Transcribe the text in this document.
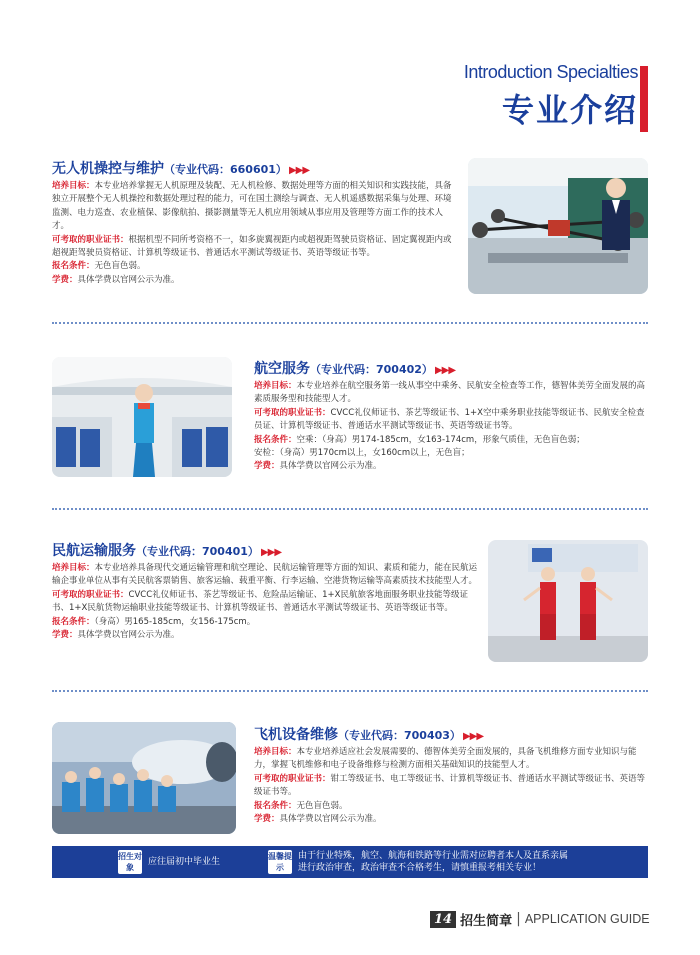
Introduction Specialties
专业介绍
无人机操控与维护（专业代码：660601） ▶▶▶
培养目标：本专业培养掌握无人机原理及装配、无人机检修、数据处理等方面的相关知识和实践技能，具备独立开展整个无人机操控和数据处理过程的能力，可在国土测绘与调查、无人机遥感数据采集与处理、环境监测、电力巡查、农业植保、影像航拍、摄影测量等无人机应用领域从事应用及管理等方面工作的技术人才。
可考取的职业证书：根据机型不同所考资格不一，如多旋翼视距内或超视距驾驶员资格证、固定翼视距内或超视距驾驶员资格证、计算机等级证书、普通话水平测试等级证书、英语等级证书等。
报名条件：无色盲色弱。
学费：具体学费以官网公示为准。
航空服务（专业代码：700402） ▶▶▶
培养目标：本专业培养在航空服务第一线从事空中乘务、民航安全检查等工作，德智体美劳全面发展的高素质服务型和技能型人才。
可考取的职业证书：CVCC礼仪师证书、茶艺等级证书、1+X空中乘务职业技能等级证书、民航安全检查员证、计算机等级证书、普通话水平测试等级证书、英语等级证书等。
报名条件：空乘：（身高）男174-185cm，女163-174cm，形象气质佳，无色盲色弱；
安检：（身高）男170cm以上，女160cm以上，无色盲；
学费：具体学费以官网公示为准。
民航运输服务（专业代码：700401） ▶▶▶
培养目标：本专业培养具备现代交通运输管理和航空理论、民航运输管理等方面的知识、素质和能力，能在民航运输企事业单位从事有关民航客票销售、旅客运输、载重平衡、行李运输、空港货物运输等高素质技术技能型人才。
可考取的职业证书：CVCC礼仪师证书、茶艺等级证书、危险品运输证、1+X民航旅客地面服务职业技能等级证书、1+X民航货物运输职业技能等级证书、计算机等级证书、普通话水平测试等级证书、英语等级证书等。
报名条件：（身高）男165-185cm，女156-175cm。
学费：具体学费以官网公示为准。
飞机设备维修（专业代码：700403） ▶▶▶
培养目标：本专业培养适应社会发展需要的、德智体美劳全面发展的，具备飞机维修方面专业知识与能力，掌握飞机维修和电子设备维修与检测方面相关基础知识的技能型人才。
可考取的职业证书：钳工等级证书、电工等级证书、计算机等级证书、普通话水平测试等级证书、英语等级证书等。
报名条件：无色盲色弱。
学费：具体学费以官网公示为准。
招生对象
应往届初中毕业生
温馨提示
由于行业特殊，航空、航海和铁路等行业需对应聘者本人及直系亲属
进行政治审查，政治审查不合格考生，请慎重报考相关专业！
14 招生简章 | APPLICATION GUIDE
